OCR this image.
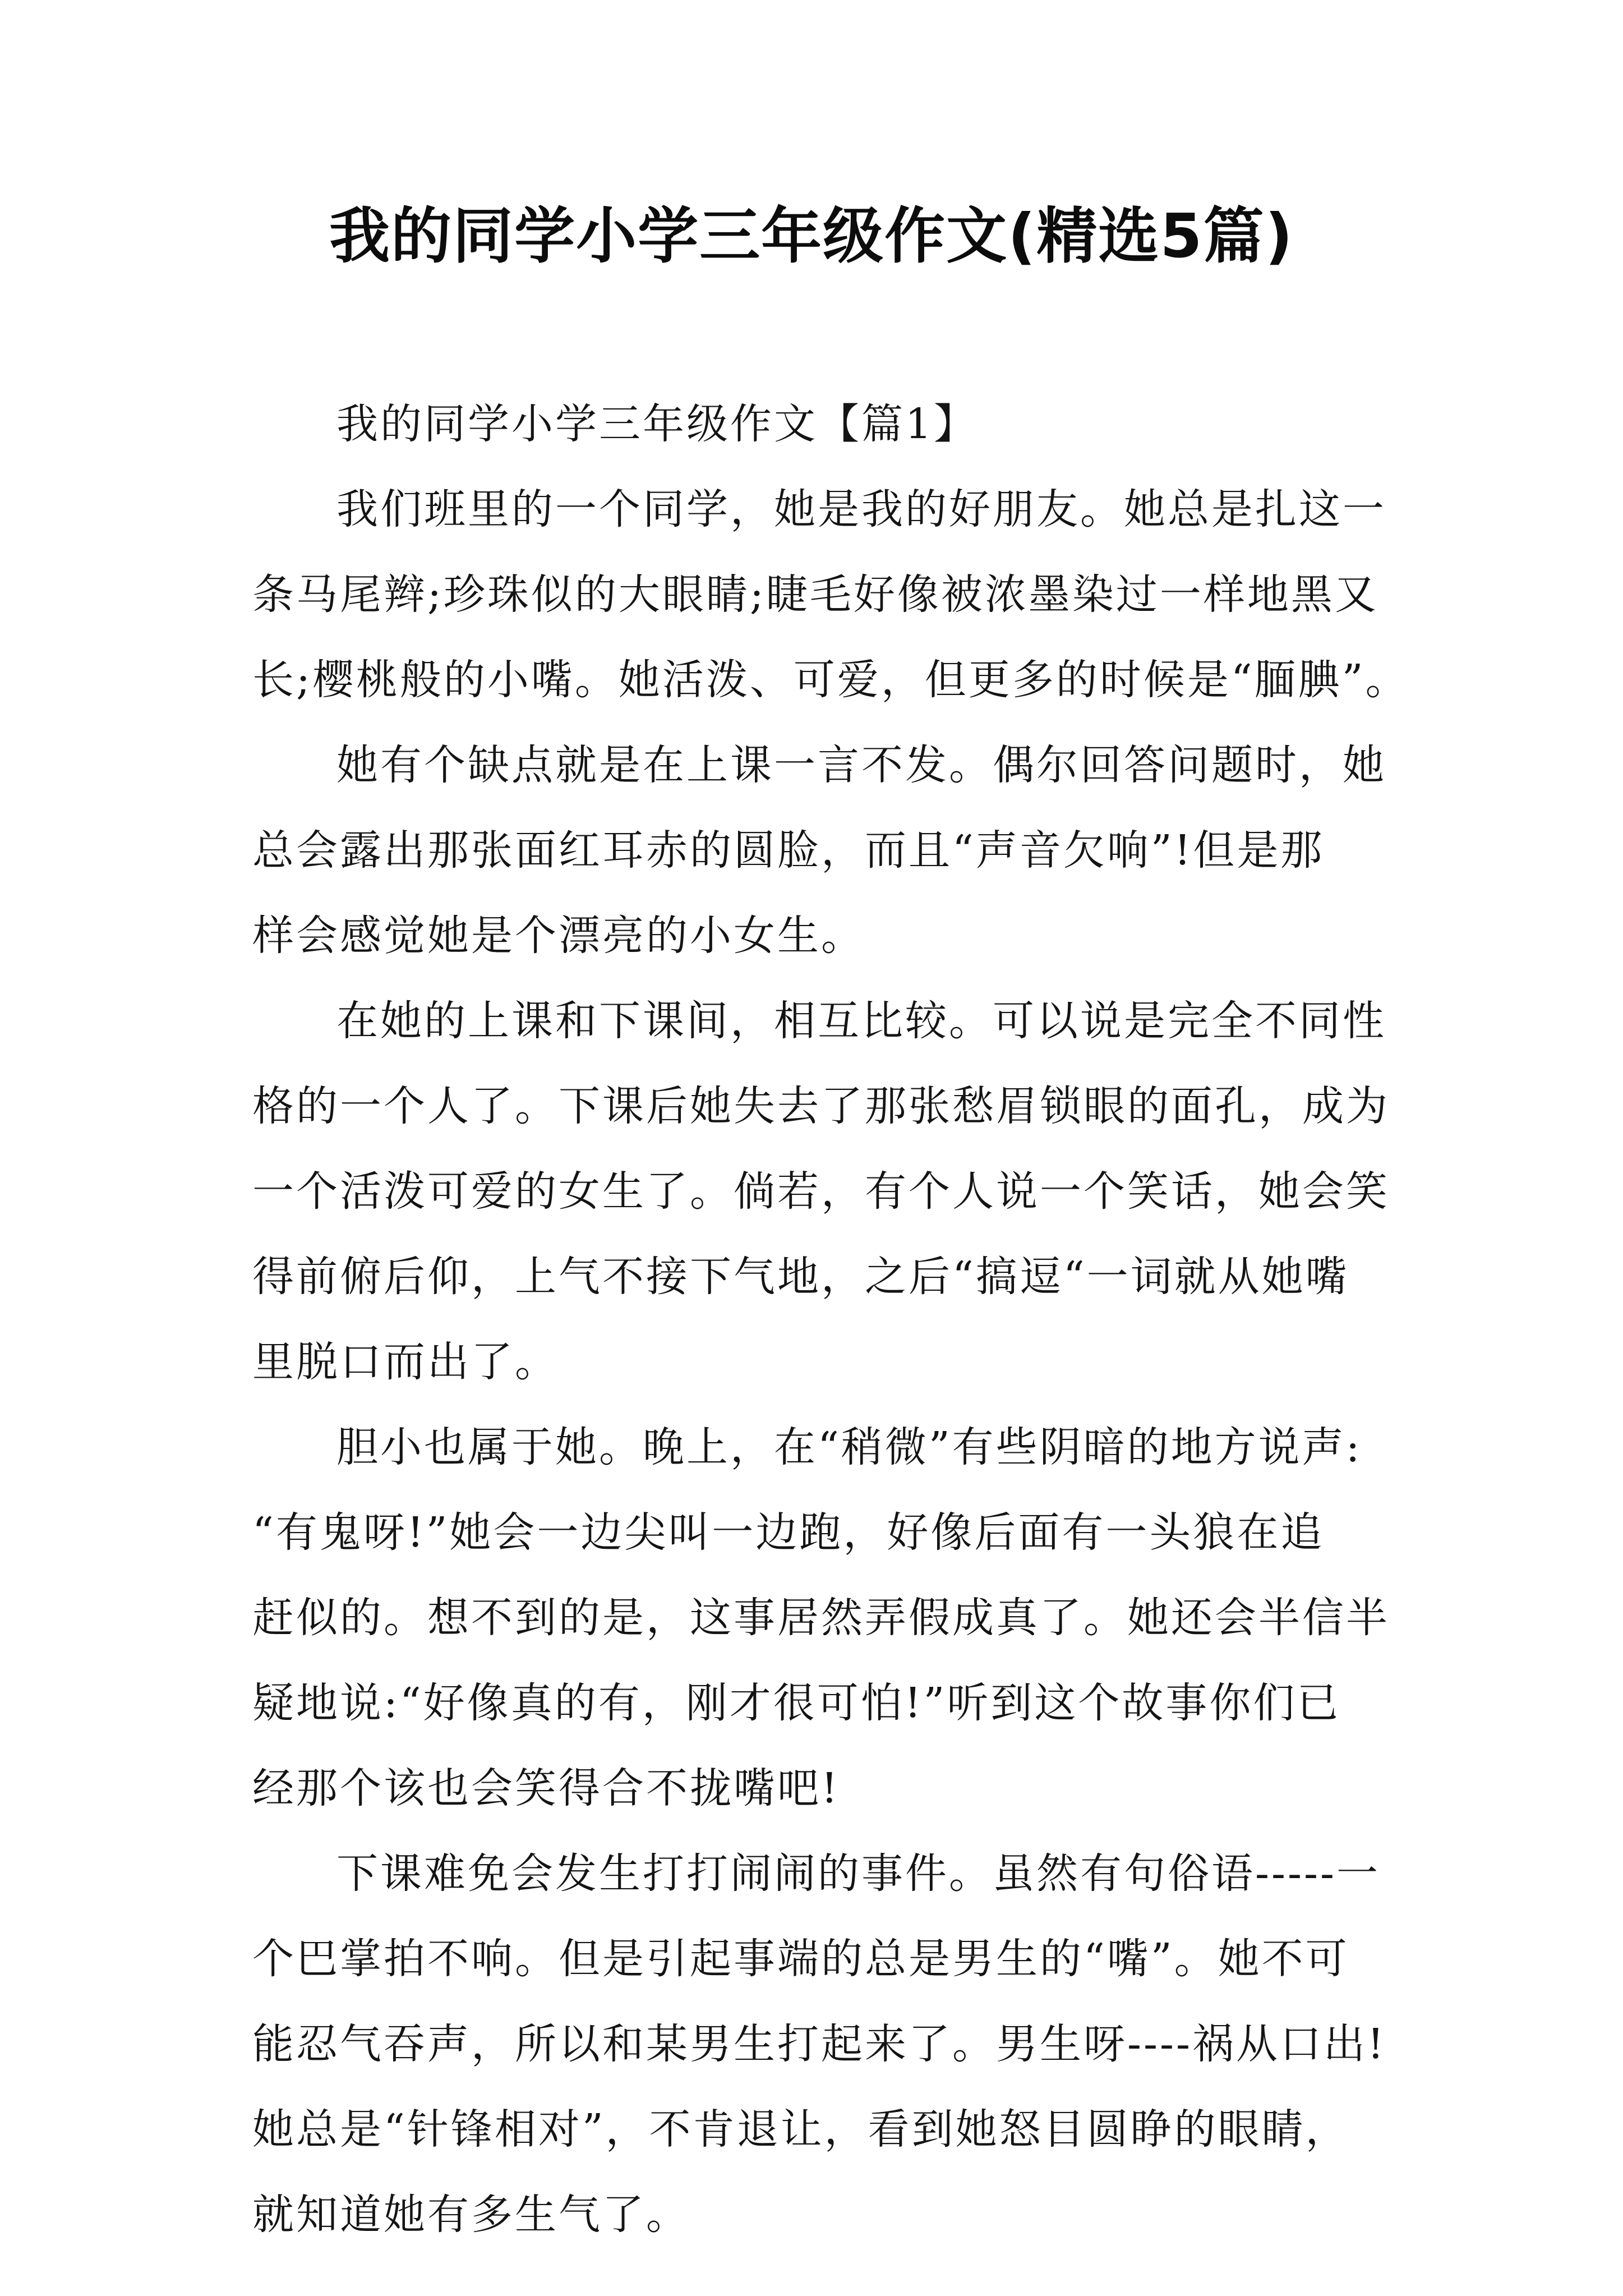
我的同学小学三年级作文(精选5篇)
我的同学小学三年级作文【篇1】
我们班里的一个同学，她是我的好朋友。她总是扎这一
条马尾辫;珍珠似的大眼睛;睫毛好像被浓墨染过一样地黑又
长;樱桃般的小嘴。她活泼、可爱，但更多的时候是“腼腆”。
她有个缺点就是在上课一言不发。偶尔回答问题时，她
总会露出那张面红耳赤的圆脸，而且“声音欠响”!但是那
样会感觉她是个漂亮的小女生。
在她的上课和下课间，相互比较。可以说是完全不同性
格的一个人了。下课后她失去了那张愁眉锁眼的面孔，成为
一个活泼可爱的女生了。倘若，有个人说一个笑话，她会笑
得前俯后仰，上气不接下气地，之后“搞逗“一词就从她嘴
里脱口而出了。
胆小也属于她。晚上，在“稍微”有些阴暗的地方说声:
“有鬼呀!”她会一边尖叫一边跑，好像后面有一头狼在追
赶似的。想不到的是，这事居然弄假成真了。她还会半信半
疑地说:“好像真的有，刚才很可怕!”听到这个故事你们已
经那个该也会笑得合不拢嘴吧!
下课难免会发生打打闹闹的事件。虽然有句俗语-----一
个巴掌拍不响。但是引起事端的总是男生的“嘴”。她不可
能忍气吞声，所以和某男生打起来了。男生呀----祸从口出!
她总是“针锋相对”，不肯退让，看到她怒目圆睁的眼睛，
就知道她有多生气了。
